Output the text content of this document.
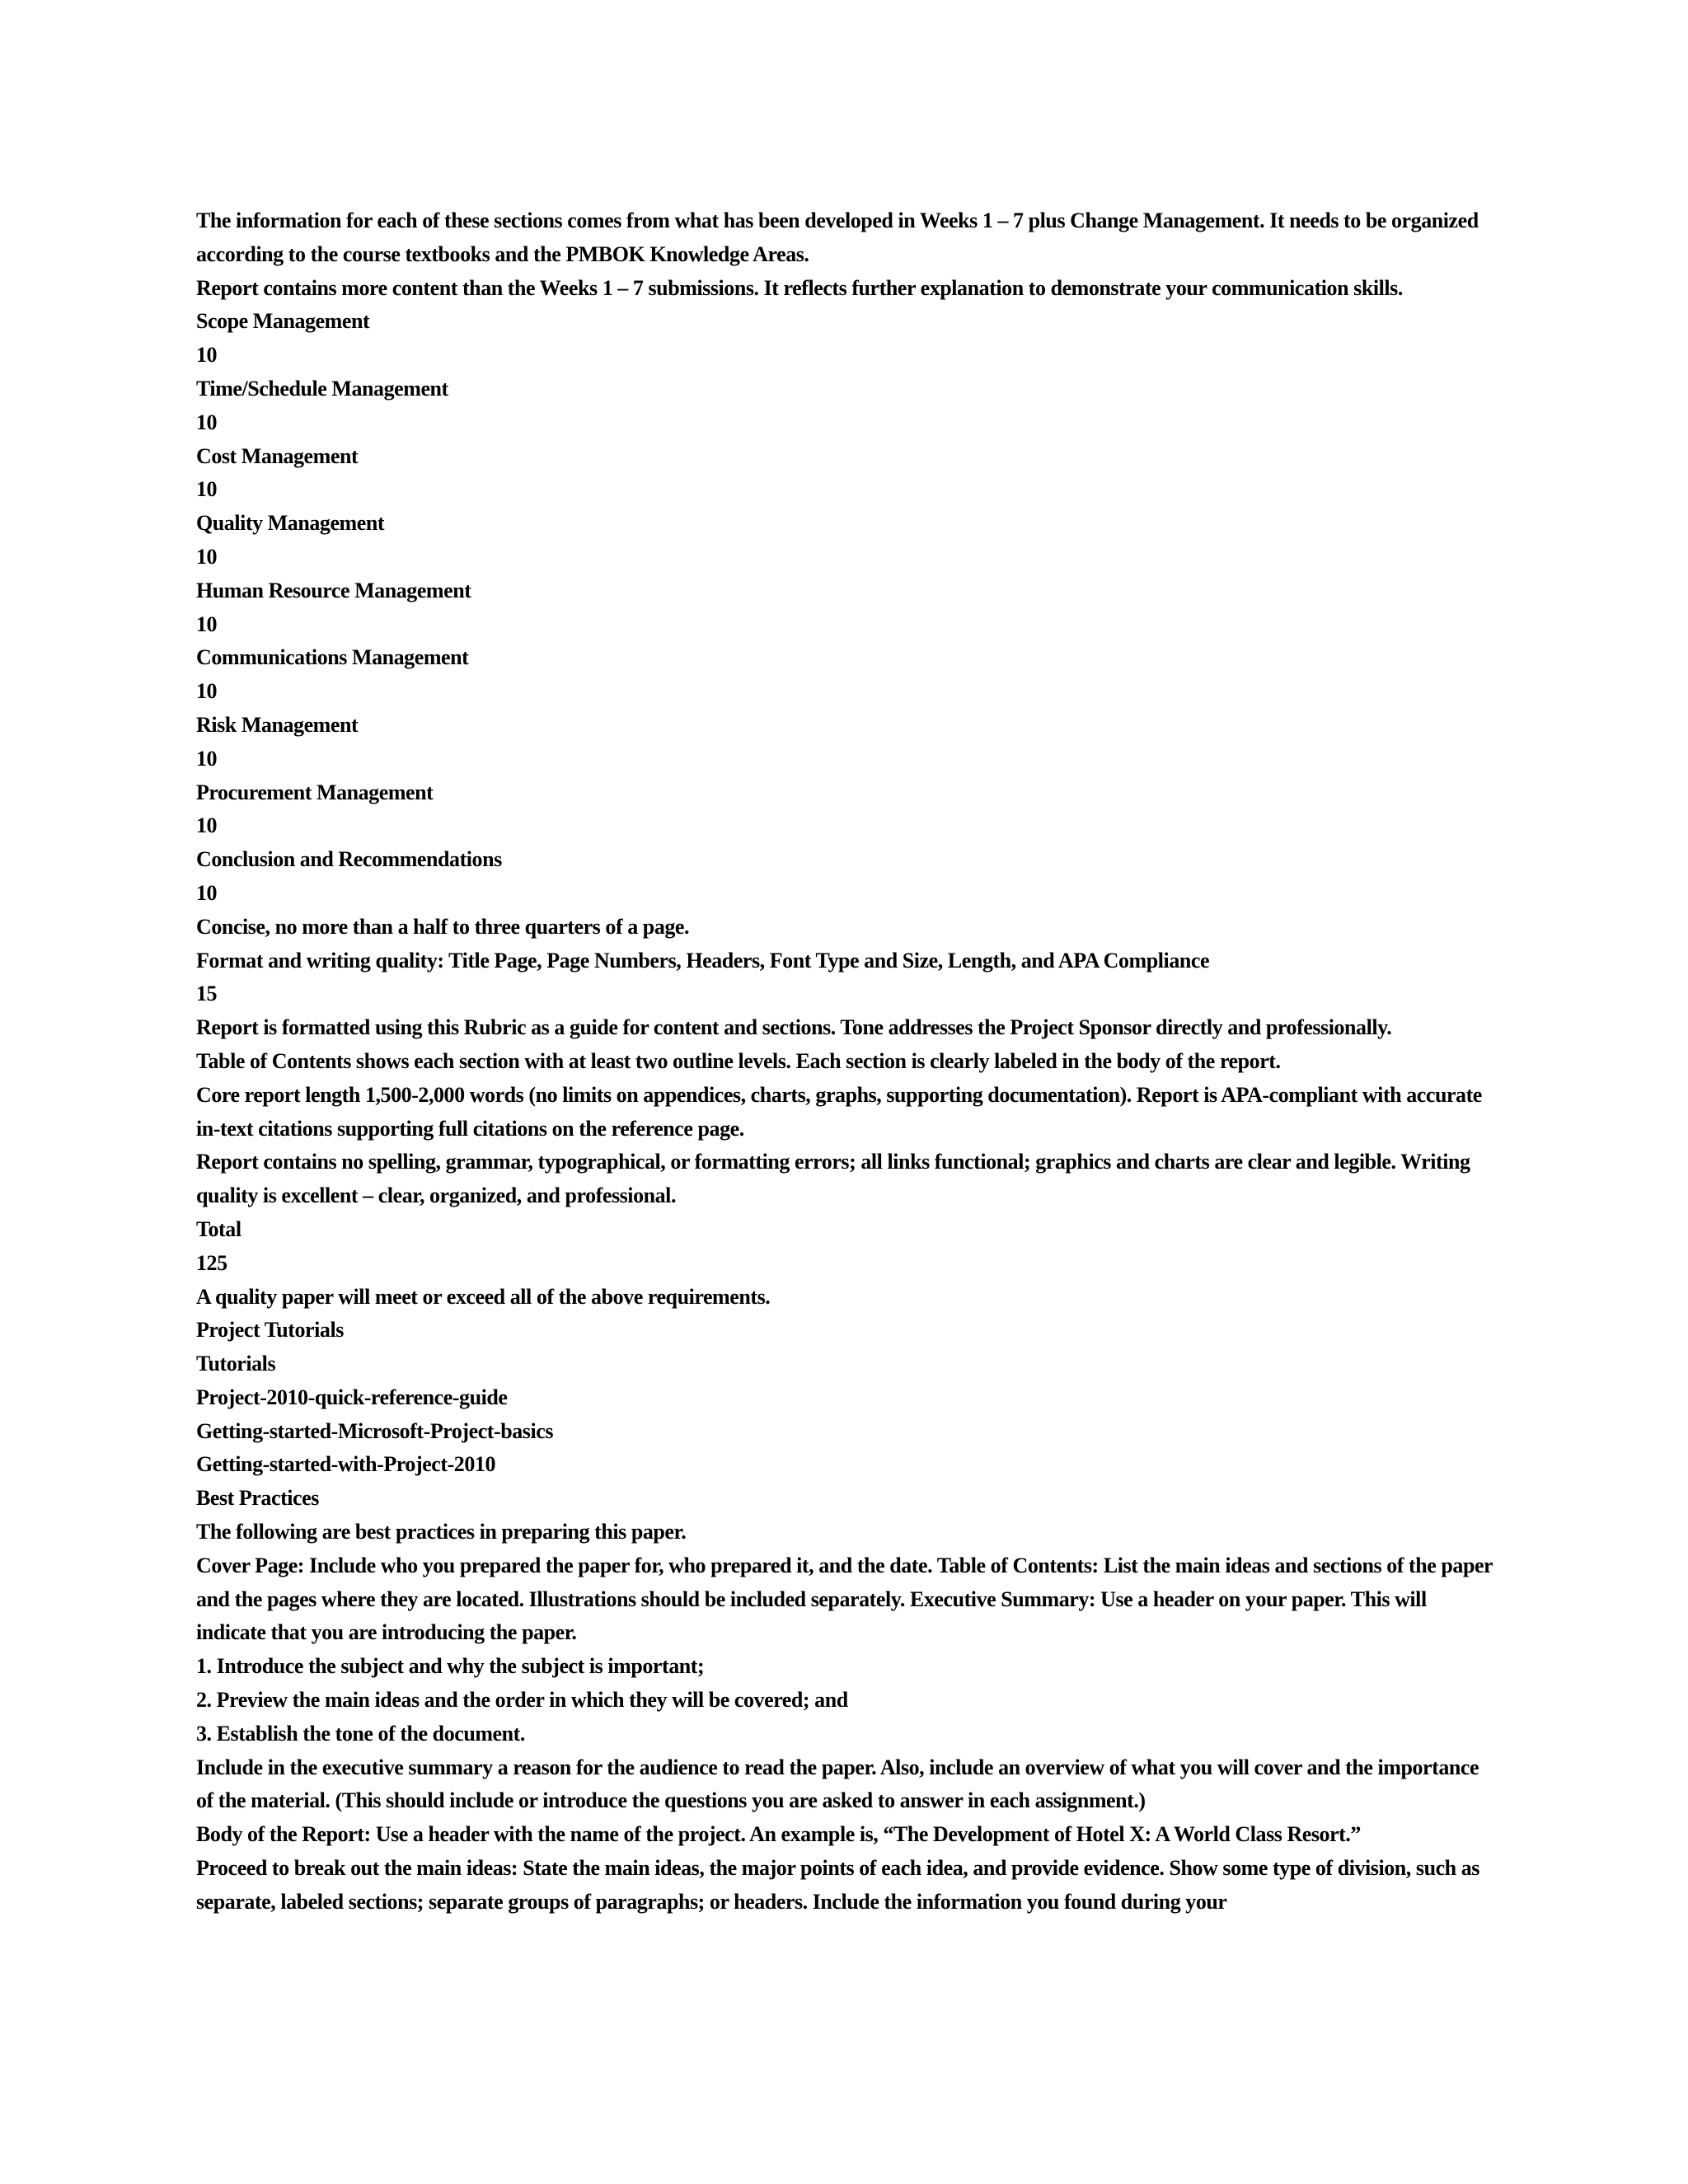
The information for each of these sections comes from what has been developed in Weeks 1 – 7 plus Change Management. It needs to be organized according to the course textbooks and the PMBOK Knowledge Areas.

Report contains more content than the Weeks 1 – 7 submissions. It reflects further explanation to demonstrate your communication skills.

Scope Management

10

Time/Schedule Management

10

Cost Management

10

Quality Management

10

Human Resource Management

10

Communications Management

10

Risk Management

10

Procurement Management

10

Conclusion and Recommendations

10

Concise, no more than a half to three quarters of a page.

Format and writing quality: Title Page, Page Numbers, Headers, Font Type and Size, Length, and APA Compliance

15

Report is formatted using this Rubric as a guide for content and sections. Tone addresses the Project Sponsor directly and professionally.

Table of Contents shows each section with at least two outline levels. Each section is clearly labeled in the body of the report.

Core report length 1,500-2,000 words (no limits on appendices, charts, graphs, supporting documentation). Report is APA-compliant with accurate in-text citations supporting full citations on the reference page.

Report contains no spelling, grammar, typographical, or formatting errors; all links functional; graphics and charts are clear and legible. Writing quality is excellent – clear, organized, and professional.

Total

125

A quality paper will meet or exceed all of the above requirements.

Project Tutorials

Tutorials

Project-2010-quick-reference-guide

Getting-started-Microsoft-Project-basics

Getting-started-with-Project-2010

Best Practices

The following are best practices in preparing this paper.

Cover Page: Include who you prepared the paper for, who prepared it, and the date. Table of Contents: List the main ideas and sections of the paper and the pages where they are located. Illustrations should be included separately. Executive Summary: Use a header on your paper. This will indicate that you are introducing the paper.

1. Introduce the subject and why the subject is important;

2. Preview the main ideas and the order in which they will be covered; and

3. Establish the tone of the document.

Include in the executive summary a reason for the audience to read the paper. Also, include an overview of what you will cover and the importance of the material. (This should include or introduce the questions you are asked to answer in each assignment.)

Body of the Report: Use a header with the name of the project. An example is, “The Development of Hotel X: A World Class Resort.”

Proceed to break out the main ideas: State the main ideas, the major points of each idea, and provide evidence. Show some type of division, such as separate, labeled sections; separate groups of paragraphs; or headers. Include the information you found during your
